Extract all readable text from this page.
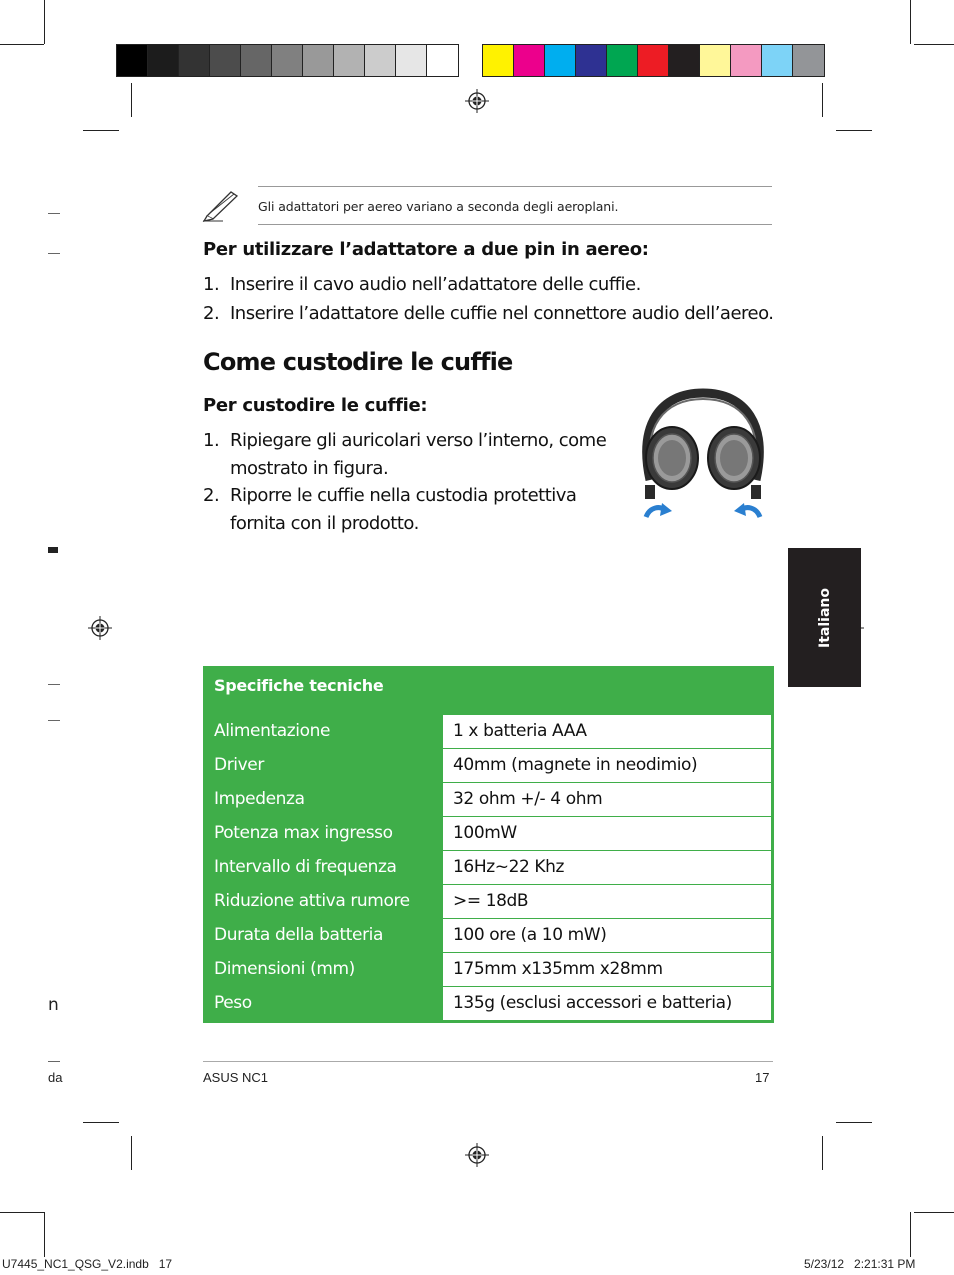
n
Gli adattatori per aereo variano a seconda degli aeroplani.
Per utilizzare l’adattatore a due pin in aereo:
1. Inserire il cavo audio nell’adattatore delle cuffie.
2. Inserire l’adattatore delle cuffie nel connettore audio dell’aereo.
Come custodire le cuffie
Per custodire le cuffie:
1. Ripiegare gli auricolari verso l’interno, come
mostrato in figura.
2. Riporre le cuffie nella custodia protettiva
fornita con il prodotto.
Italiano
Specifiche tecniche
Alimentazione	1 x batteria AAA
Driver	40mm (magnete in neodimio)
Impedenza	32 ohm +/- 4 ohm
Potenza max ingresso	100mW
Intervallo di frequenza	16Hz~22 Khz
Riduzione attiva rumore	>= 18dB
Durata della batteria	100 ore (a 10 mW)
Dimensioni (mm)	175mm x135mm x28mm
Peso	135g (esclusi accessori e batteria)
da	ASUS NC1	17
U7445_NC1_QSG_V2.indb   17	5/23/12   2:21:31 PM
